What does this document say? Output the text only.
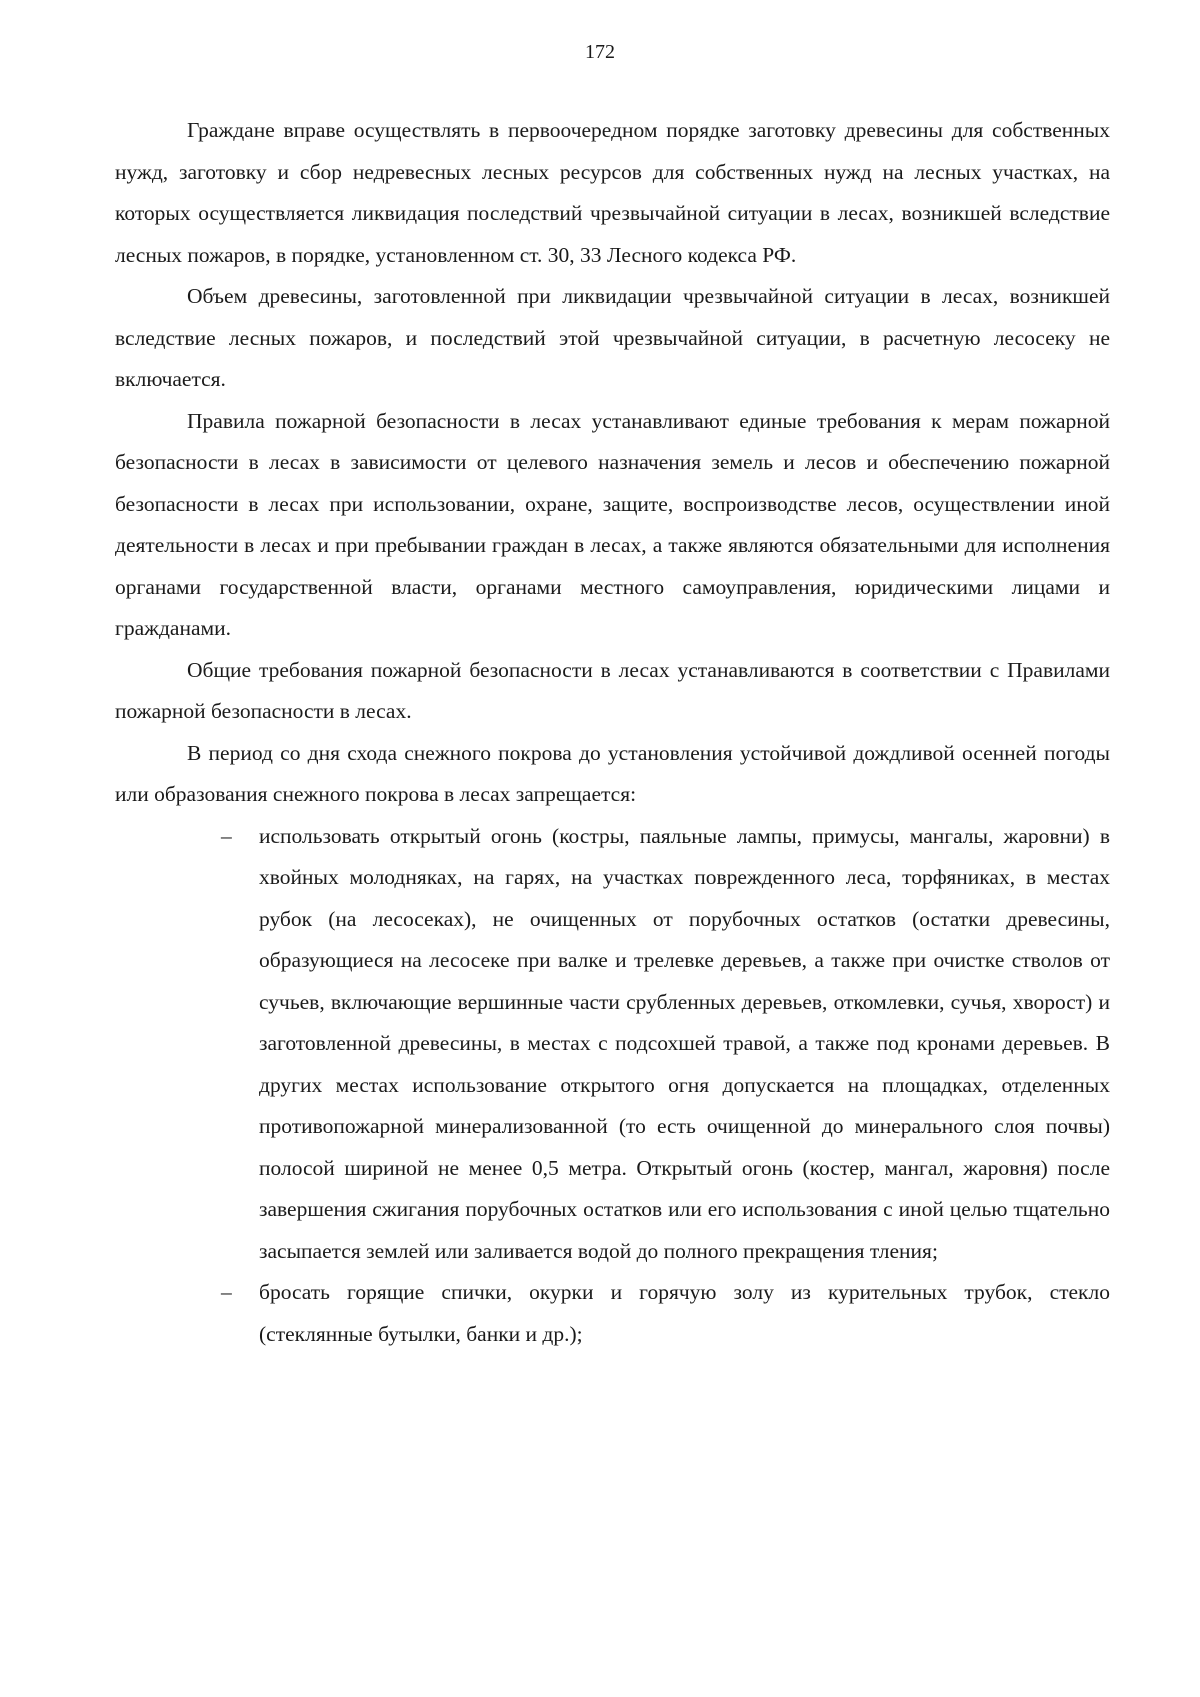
172

Граждане вправе осуществлять в первоочередном порядке заготовку древесины для собственных нужд, заготовку и сбор недревесных лесных ресурсов для собственных нужд на лесных участках, на которых осуществляется ликвидация последствий чрезвычайной ситуации в лесах, возникшей вследствие лесных пожаров, в порядке, установленном ст. 30, 33 Лесного кодекса РФ.

Объем древесины, заготовленной при ликвидации чрезвычайной ситуации в лесах, возникшей вследствие лесных пожаров, и последствий этой чрезвычайной ситуации, в расчетную лесосеку не включается.

Правила пожарной безопасности в лесах устанавливают единые требования к мерам пожарной безопасности в лесах в зависимости от целевого назначения земель и лесов и обеспечению пожарной безопасности в лесах при использовании, охране, защите, воспроизводстве лесов, осуществлении иной деятельности в лесах и при пребывании граждан в лесах, а также являются обязательными для исполнения органами государственной власти, органами местного самоуправления, юридическими лицами и гражданами.

Общие требования пожарной безопасности в лесах устанавливаются в соответствии с Правилами пожарной безопасности в лесах.

В период со дня схода снежного покрова до установления устойчивой дождливой осенней погоды или образования снежного покрова в лесах запрещается:

– использовать открытый огонь (костры, паяльные лампы, примусы, мангалы, жаровни) в хвойных молодняках, на гарях, на участках поврежденного леса, торфяниках, в местах рубок (на лесосеках), не очищенных от порубочных остатков (остатки древесины, образующиеся на лесосеке при валке и трелевке деревьев, а также при очистке стволов от сучьев, включающие вершинные части срубленных деревьев, откомлевки, сучья, хворост) и заготовленной древесины, в местах с подсохшей травой, а также под кронами деревьев. В других местах использование открытого огня допускается на площадках, отделенных противопожарной минерализованной (то есть очищенной до минерального слоя почвы) полосой шириной не менее 0,5 метра. Открытый огонь (костер, мангал, жаровня) после завершения сжигания порубочных остатков или его использования с иной целью тщательно засыпается землей или заливается водой до полного прекращения тления;
– бросать горящие спички, окурки и горячую золу из курительных трубок, стекло (стеклянные бутылки, банки и др.);
